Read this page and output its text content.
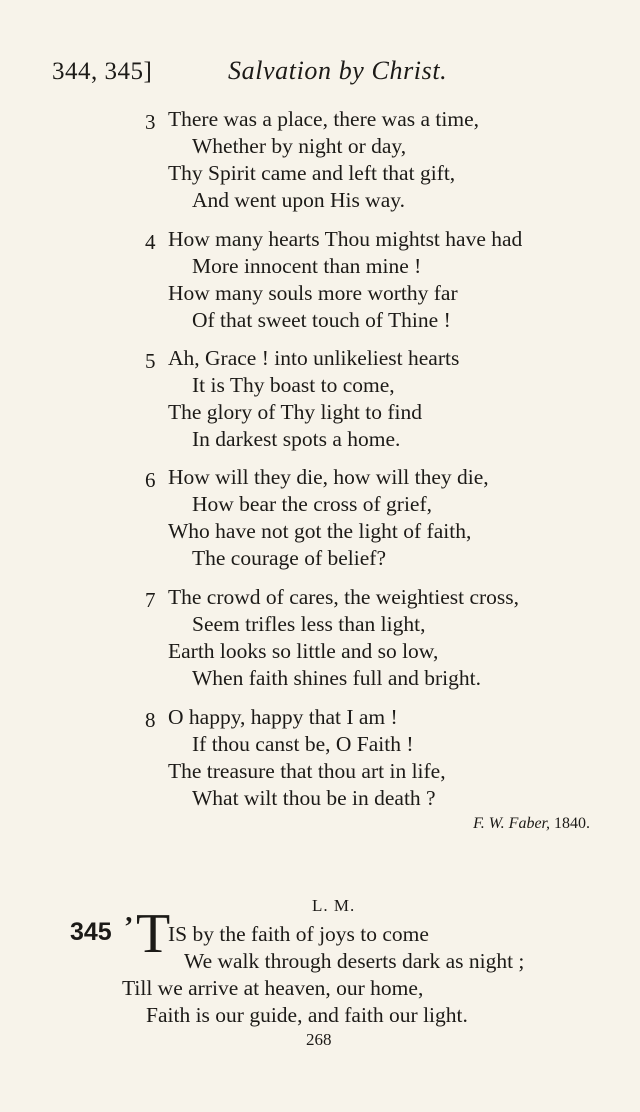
344, 345]	Salvation by Christ.
3 There was a place, there was a time,
Whether by night or day,
Thy Spirit came and left that gift,
And went upon His way.
4 How many hearts Thou mightst have had
More innocent than mine !
How many souls more worthy far
Of that sweet touch of Thine !
5 Ah, Grace ! into unlikeliest hearts
It is Thy boast to come,
The glory of Thy light to find
In darkest spots a home.
6 How will they die, how will they die,
How bear the cross of grief,
Who have not got the light of faith,
The courage of belief?
7 The crowd of cares, the weightiest cross,
Seem trifles less than light,
Earth looks so little and so low,
When faith shines full and bright.
8 O happy, happy that I am !
If thou canst be, O Faith !
The treasure that thou art in life,
What wilt thou be in death ?
F. W. Faber, 1840.
L. M.
345 ’ T
IS by the faith of joys to come
We walk through deserts dark as night ;
Till we arrive at heaven, our home,
Faith is our guide, and faith our light.
268
